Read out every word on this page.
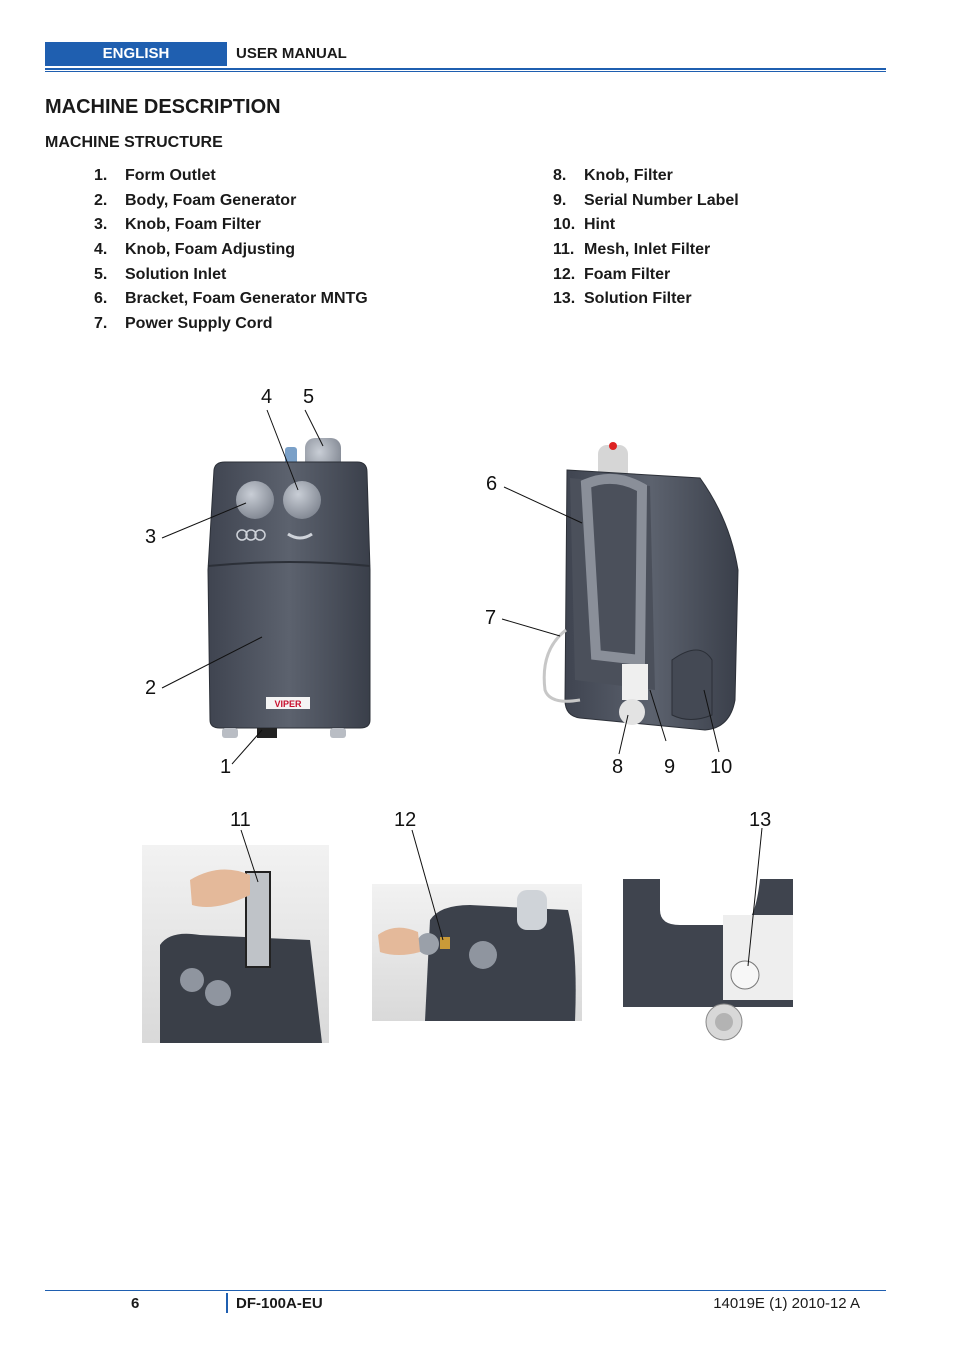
ENGLISH	USER MANUAL
MACHINE DESCRIPTION
MACHINE STRUCTURE
1. Form Outlet
2. Body, Foam Generator
3. Knob, Foam Filter
4. Knob, Foam Adjusting
5. Solution Inlet
6. Bracket, Foam Generator MNTG
7. Power Supply Cord
8. Knob, Filter
9. Serial Number Label
10. Hint
11. Mesh, Inlet Filter
12. Foam Filter
13. Solution Filter
VIPER
4 5
3
2
1
6
7
8 9 10
11	12	13
6	DF-100A-EU	14019E (1) 2010-12 A
